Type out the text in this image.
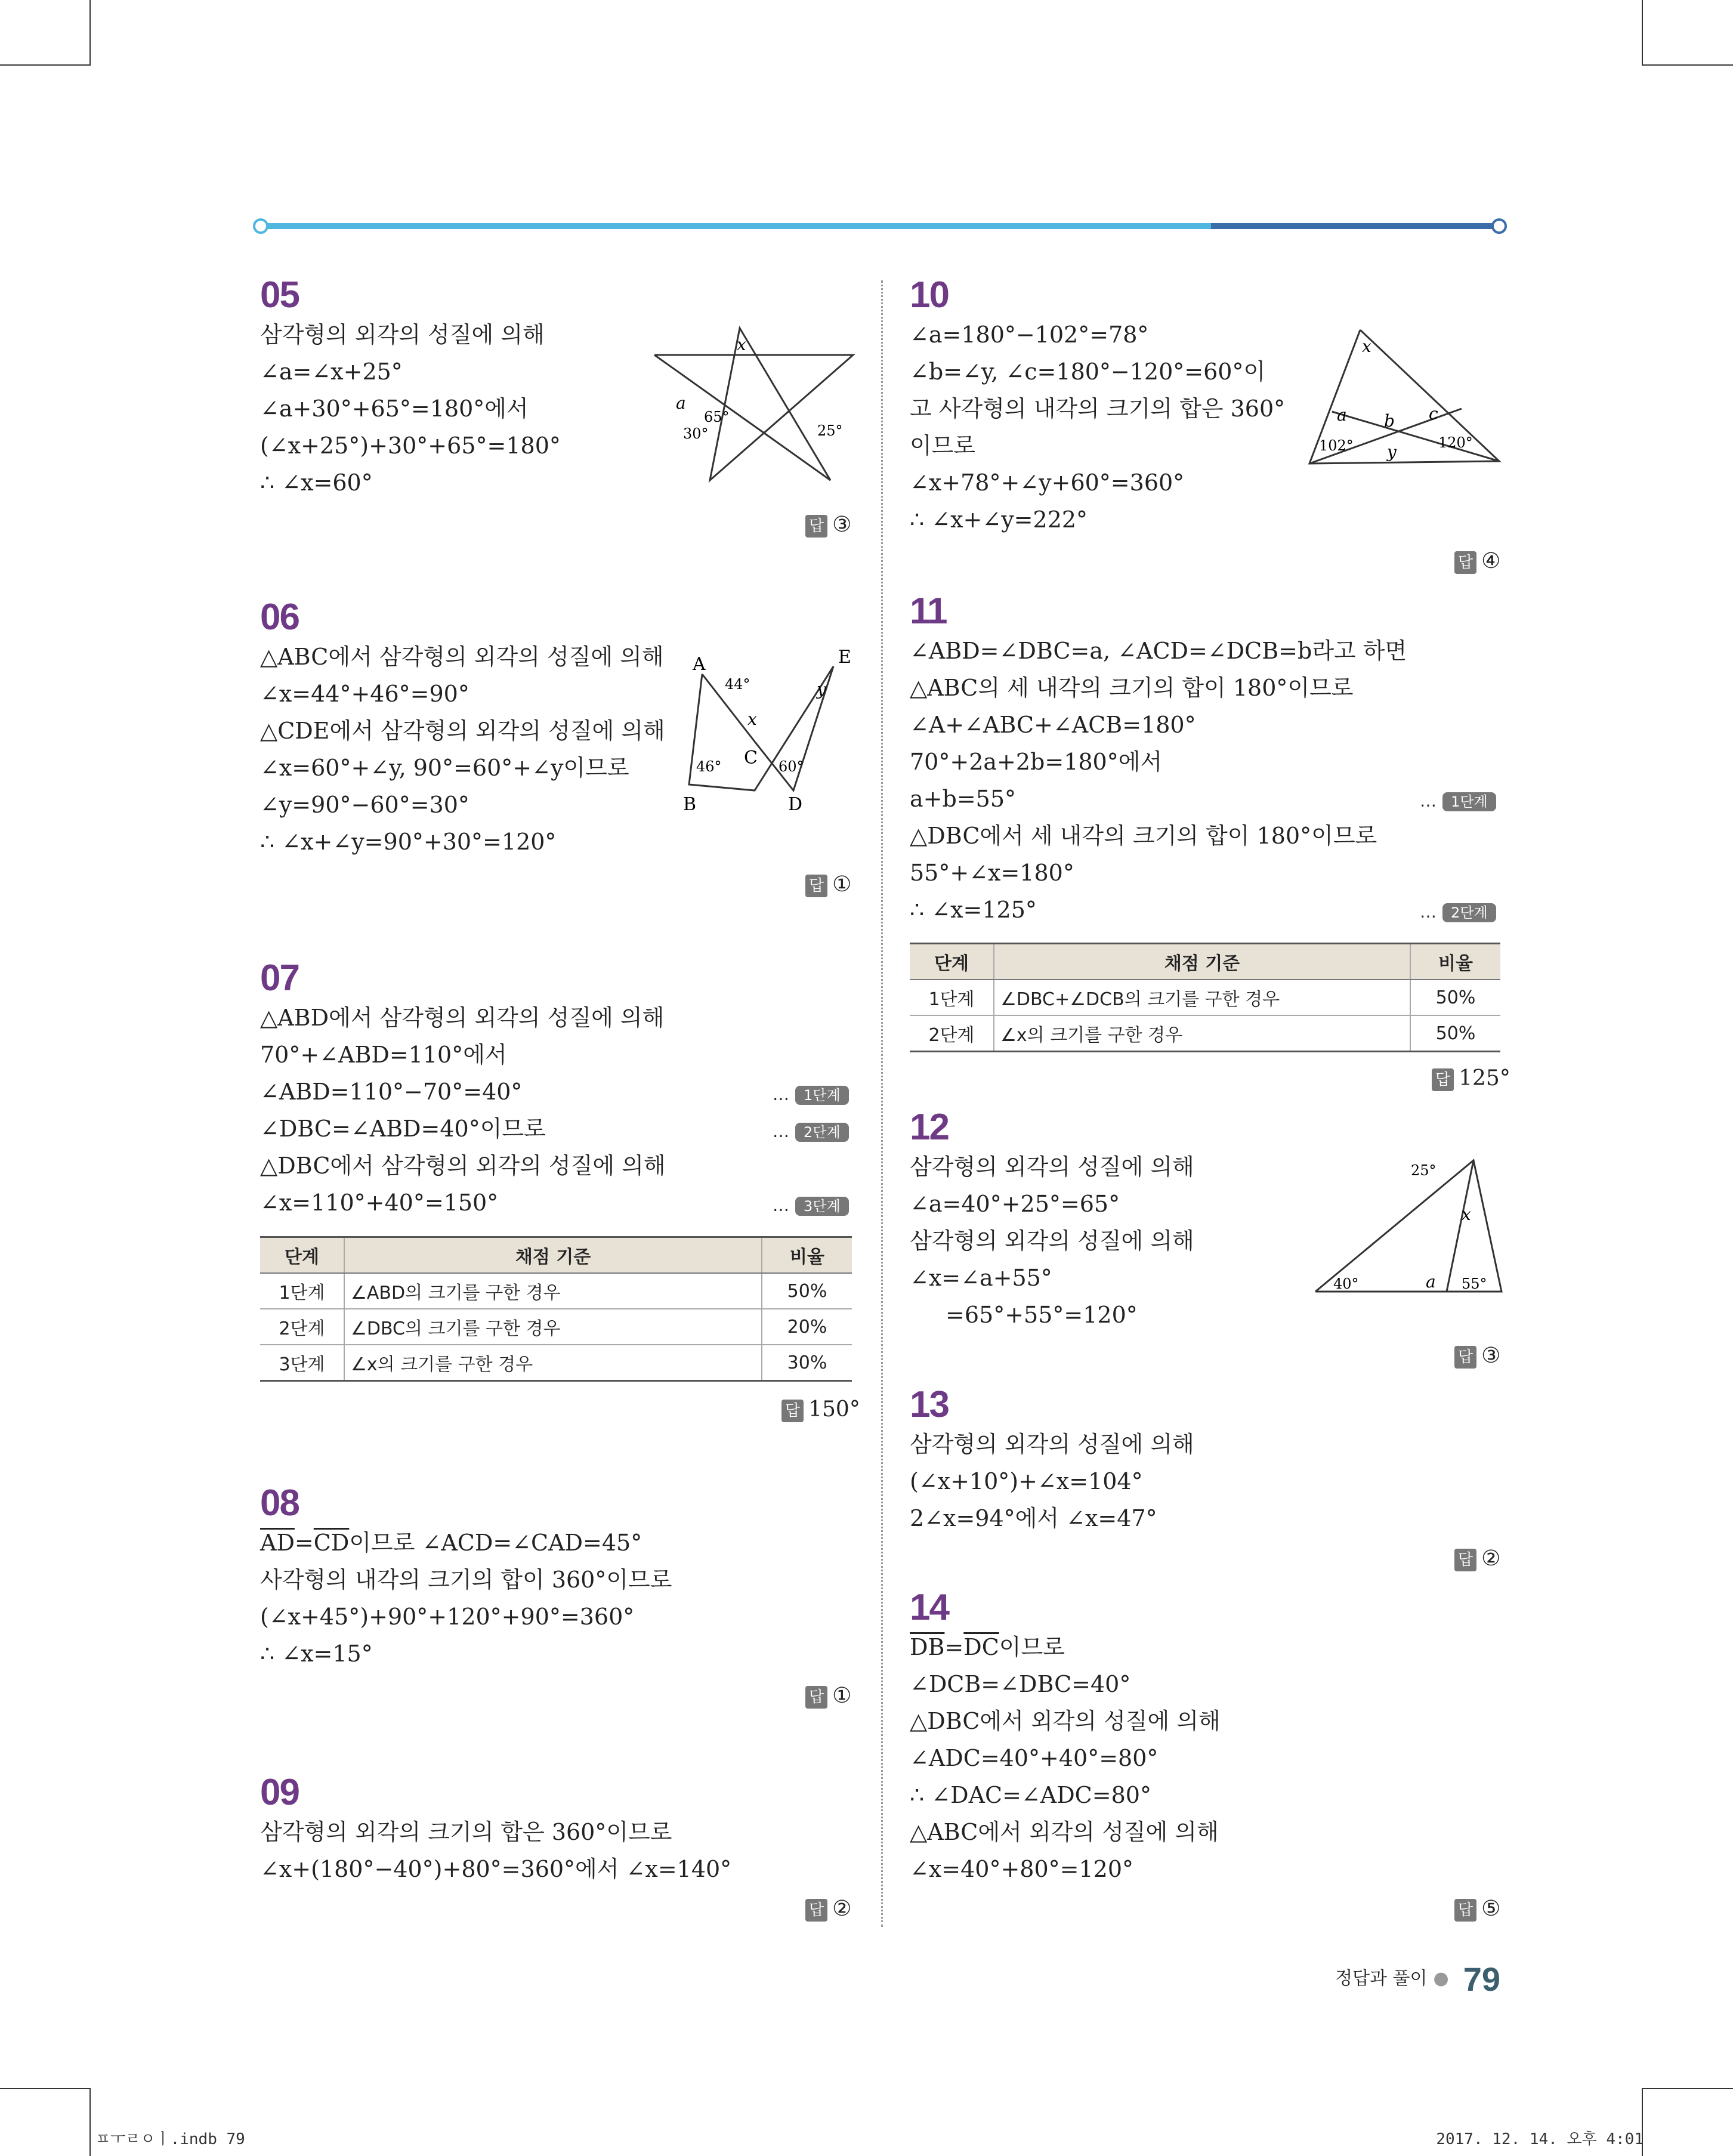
05
삼각형의 외각의 성질에 의해
∠a=∠x+25°
∠a+30°+65°=180°에서
(∠x+25°)+30°+65°=180°
∴ ∠x=60°
x
a
65°
30°	25°
답 ③
06
△ABC에서 삼각형의 외각의 성질에 의해
∠x=44°+46°=90°
△CDE에서 삼각형의 외각의 성질에 의해
∠x=60°+∠y, 90°=60°+∠y이므로
∠y=90°−60°=30°
∴ ∠x+∠y=90°+30°=120°
A
B
C
D
E
44°
46°	60°
x
y
답 ①
07
△ABD에서 삼각형의 외각의 성질에 의해
70°+∠ABD=110°에서
∠ABD=110°−70°=40°
∠DBC=∠ABD=40°이므로
△DBC에서 삼각형의 외각의 성질에 의해
∠x=110°+40°=150°
… 1단계
… 2단계
… 3단계
단계	채점 기준	비율
1단계	∠ABD의 크기를 구한 경우	50%
2단계	∠DBC의 크기를 구한 경우	20%
3단계	∠x의 크기를 구한 경우	30%
답 150°
08
$\overline{AD}=\overline{CD}$이므로 ∠ACD=∠CAD=45°
사각형의 내각의 크기의 합이 360°이므로
(∠x+45°)+90°+120°+90°=360°
∴ ∠x=15°
답 ①
09
삼각형의 외각의 크기의 합은 360°이므로
∠x+(180°−40°)+80°=360°에서 ∠x=140°
답 ②
10
∠a=180°−102°=78°
∠b=∠y, ∠c=180°−120°=60°이
고 사각형의 내각의 크기의 합은 360°
이므로
∠x+78°+∠y+60°=360°
∴ ∠x+∠y=222°
x
a b c
y
102°	120°
답 ④
11
∠ABD=∠DBC=a, ∠ACD=∠DCB=b라고 하면
△ABC의 세 내각의 크기의 합이 180°이므로
∠A+∠ABC+∠ACB=180°
70°+2a+2b=180°에서
a+b=55°
△DBC에서 세 내각의 크기의 합이 180°이므로
55°+∠x=180°
∴ ∠x=125°
… 1단계
… 2단계
단계	채점 기준	비율
1단계	∠DBC+∠DCB의 크기를 구한 경우	50%
2단계	∠x의 크기를 구한 경우	50%
답 125°
12
삼각형의 외각의 성질에 의해
∠a=40°+25°=65°
삼각형의 외각의 성질에 의해
∠x=∠a+55°
=65°+55°=120°
25°
x
40°	a 55°
답 ③
13
삼각형의 외각의 성질에 의해
(∠x+10°)+∠x=104°
2∠x=94°에서 ∠x=47°
답 ②
14
$\overline{DB}=\overline{DC}$이므로
∠DCB=∠DBC=40°
△DBC에서 외각의 성질에 의해
∠ADC=40°+40°=80°
∴ ∠DAC=∠ADC=80°
△ABC에서 외각의 성질에 의해
∠x=40°+80°=120°
답 ⑤
정답과 풀이 ● 79
ㅍㅜㄹㅇㅣ.indb 79	2017. 12. 14. 오후 4:01
